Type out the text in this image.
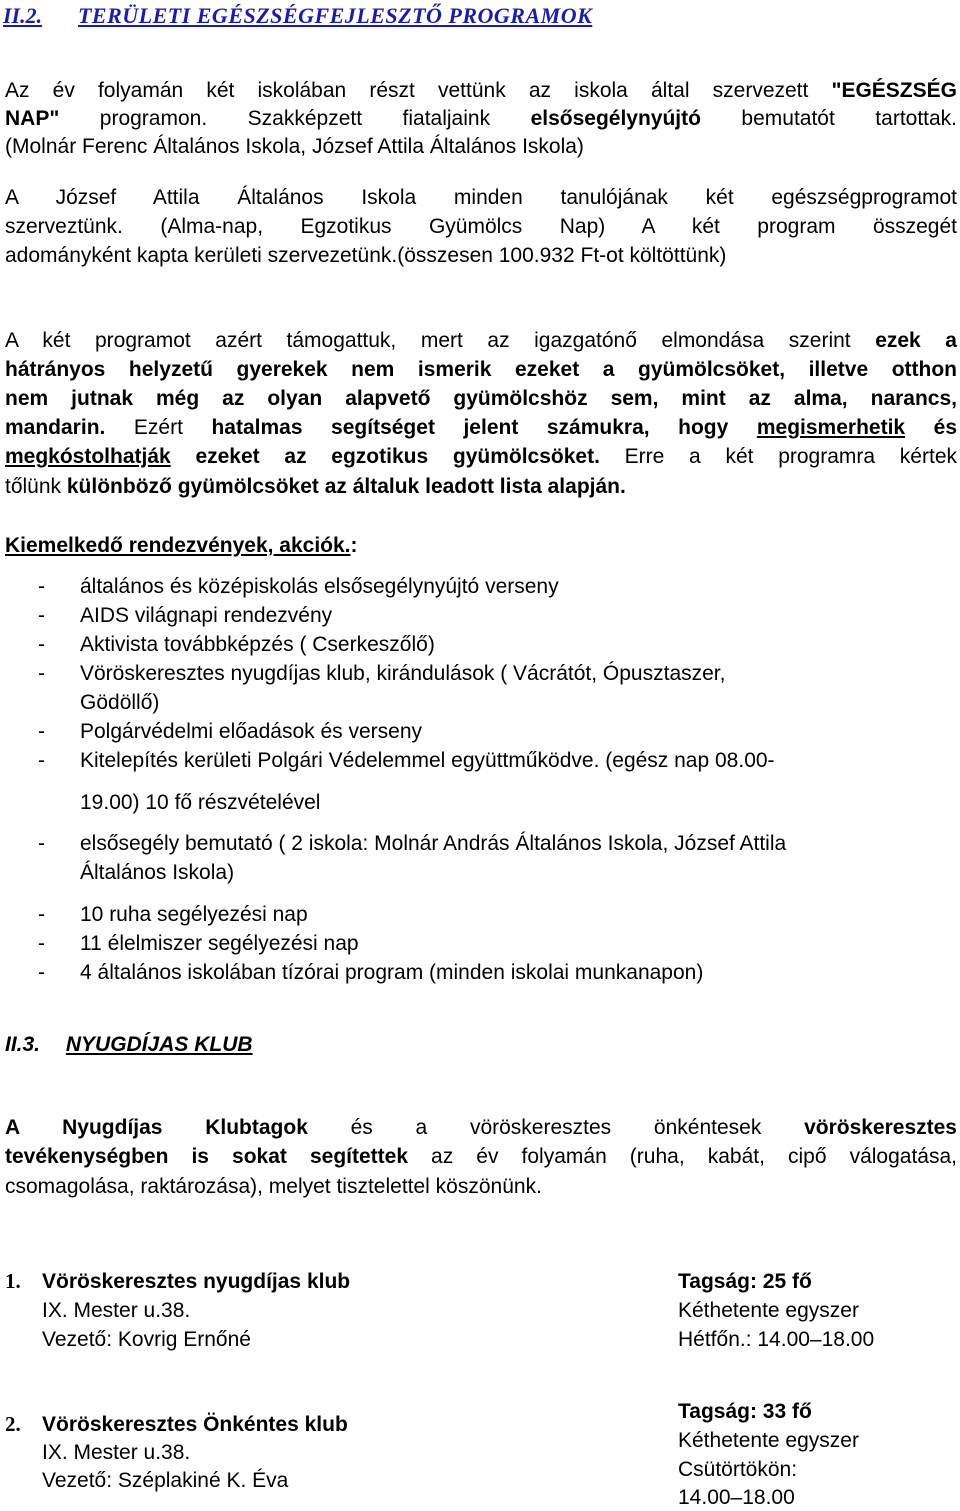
II.2. TERÜLETI EGÉSZSÉGFEJLESZTŐ PROGRAMOK
Az év folyamán két iskolában részt vettünk az iskola által szervezett "EGÉSZSÉG
NAP" programon. Szakképzett fiataljaink elsősegélynyújtó bemutatót tartottak.
(Molnár Ferenc Általános Iskola, József Attila Általános Iskola)
A József Attila Általános Iskola minden tanulójának két egészségprogramot
szerveztünk. (Alma-nap, Egzotikus Gyümölcs Nap) A két program összegét
adományként kapta kerületi szervezetünk.(összesen 100.932 Ft-ot költöttünk)
A két programot azért támogattuk, mert az igazgatónő elmondása szerint ezek a
hátrányos helyzetű gyerekek nem ismerik ezeket a gyümölcsöket, illetve otthon
nem jutnak még az olyan alapvető gyümölcshöz sem, mint az alma, narancs,
mandarin. Ezért hatalmas segítséget jelent számukra, hogy megismerhetik és
megkóstolhatják ezeket az egzotikus gyümölcsöket. Erre a két programra kértek
tőlünk különböző gyümölcsöket az általuk leadott lista alapján.
Kiemelkedő rendezvények, akciók.:
- általános és középiskolás elsősegélynyújtó verseny
- AIDS világnapi rendezvény
- Aktivista továbbképzés ( Cserkeszőlő)
- Vöröskeresztes nyugdíjas klub, kirándulások ( Vácrátót, Ópusztaszer,
Gödöllő)
- Polgárvédelmi előadások és verseny
- Kitelepítés kerületi Polgári Védelemmel együttműködve. (egész nap 08.00-
19.00) 10 fő részvételével
- elsősegély bemutató ( 2 iskola: Molnár András Általános Iskola, József Attila
Általános Iskola)
- 10 ruha segélyezési nap
- 11 élelmiszer segélyezési nap
- 4 általános iskolában tízórai program (minden iskolai munkanapon)
II.3. NYUGDÍJAS KLUB
A Nyugdíjas Klubtagok és a vöröskeresztes önkéntesek vöröskeresztes
tevékenységben is sokat segítettek az év folyamán (ruha, kabát, cipő válogatása,
csomagolása, raktározása), melyet tisztelettel köszönünk.
1. Vöröskeresztes nyugdíjas klub
IX. Mester u.38.
Vezető: Kovrig Ernőné
Tagság: 25 fő
Kéthetente egyszer
Hétfőn.: 14.00–18.00
2. Vöröskeresztes Önkéntes klub
IX. Mester u.38.
Vezető: Széplakiné K. Éva
Tagság: 33 fő
Kéthetente egyszer
Csütörtökön:
14.00–18.00
